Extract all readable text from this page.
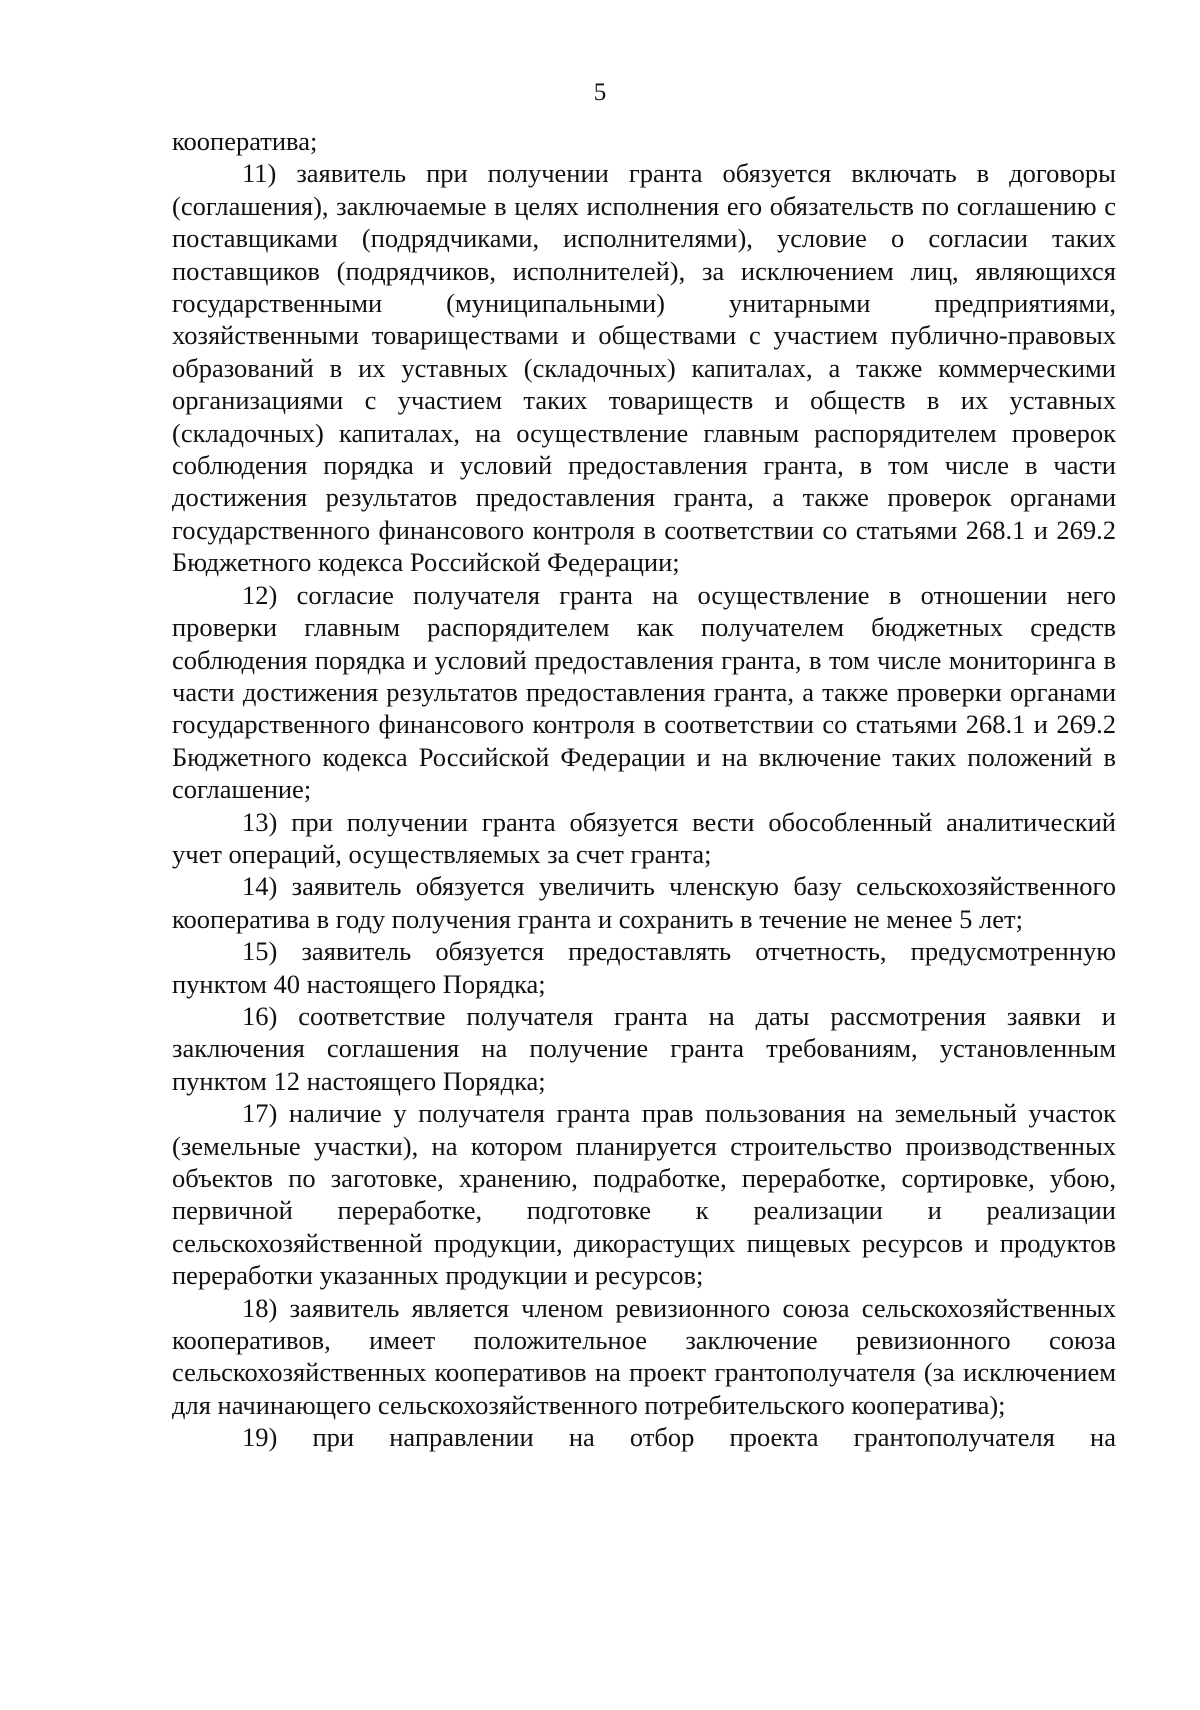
5

кооператива;

11) заявитель при получении гранта обязуется включать в договоры (соглашения), заключаемые в целях исполнения его обязательств по соглашению с поставщиками (подрядчиками, исполнителями), условие о согласии таких поставщиков (подрядчиков, исполнителей), за исключением лиц, являющихся государственными (муниципальными) унитарными предприятиями, хозяйственными товариществами и обществами с участием публично-правовых образований в их уставных (складочных) капиталах, а также коммерческими организациями с участием таких товариществ и обществ в их уставных (складочных) капиталах, на осуществление главным распорядителем проверок соблюдения порядка и условий предоставления гранта, в том числе в части достижения результатов предоставления гранта, а также проверок органами государственного финансового контроля в соответствии со статьями 268.1 и 269.2 Бюджетного кодекса Российской Федерации;

12) согласие получателя гранта на осуществление в отношении него проверки главным распорядителем как получателем бюджетных средств соблюдения порядка и условий предоставления гранта, в том числе мониторинга в части достижения результатов предоставления гранта, а также проверки органами государственного финансового контроля в соответствии со статьями 268.1 и 269.2 Бюджетного кодекса Российской Федерации и на включение таких положений в соглашение;

13) при получении гранта обязуется вести обособленный аналитический учет операций, осуществляемых за счет гранта;

14) заявитель обязуется увеличить членскую базу сельскохозяйственного кооператива в году получения гранта и сохранить в течение не менее 5 лет;

15) заявитель обязуется предоставлять отчетность, предусмотренную пунктом 40 настоящего Порядка;

16) соответствие получателя гранта на даты рассмотрения заявки и заключения соглашения на получение гранта требованиям, установленным пунктом 12 настоящего Порядка;

17) наличие у получателя гранта прав пользования на земельный участок (земельные участки), на котором планируется строительство производственных объектов по заготовке, хранению, подработке, переработке, сортировке, убою, первичной переработке, подготовке к реализации и реализации сельскохозяйственной продукции, дикорастущих пищевых ресурсов и продуктов переработки указанных продукции и ресурсов;

18) заявитель является членом ревизионного союза сельскохозяйственных кооперативов, имеет положительное заключение ревизионного союза сельскохозяйственных кооперативов на проект грантополучателя (за исключением для начинающего сельскохозяйственного потребительского кооператива);

19) при направлении на отбор проекта грантополучателя на
